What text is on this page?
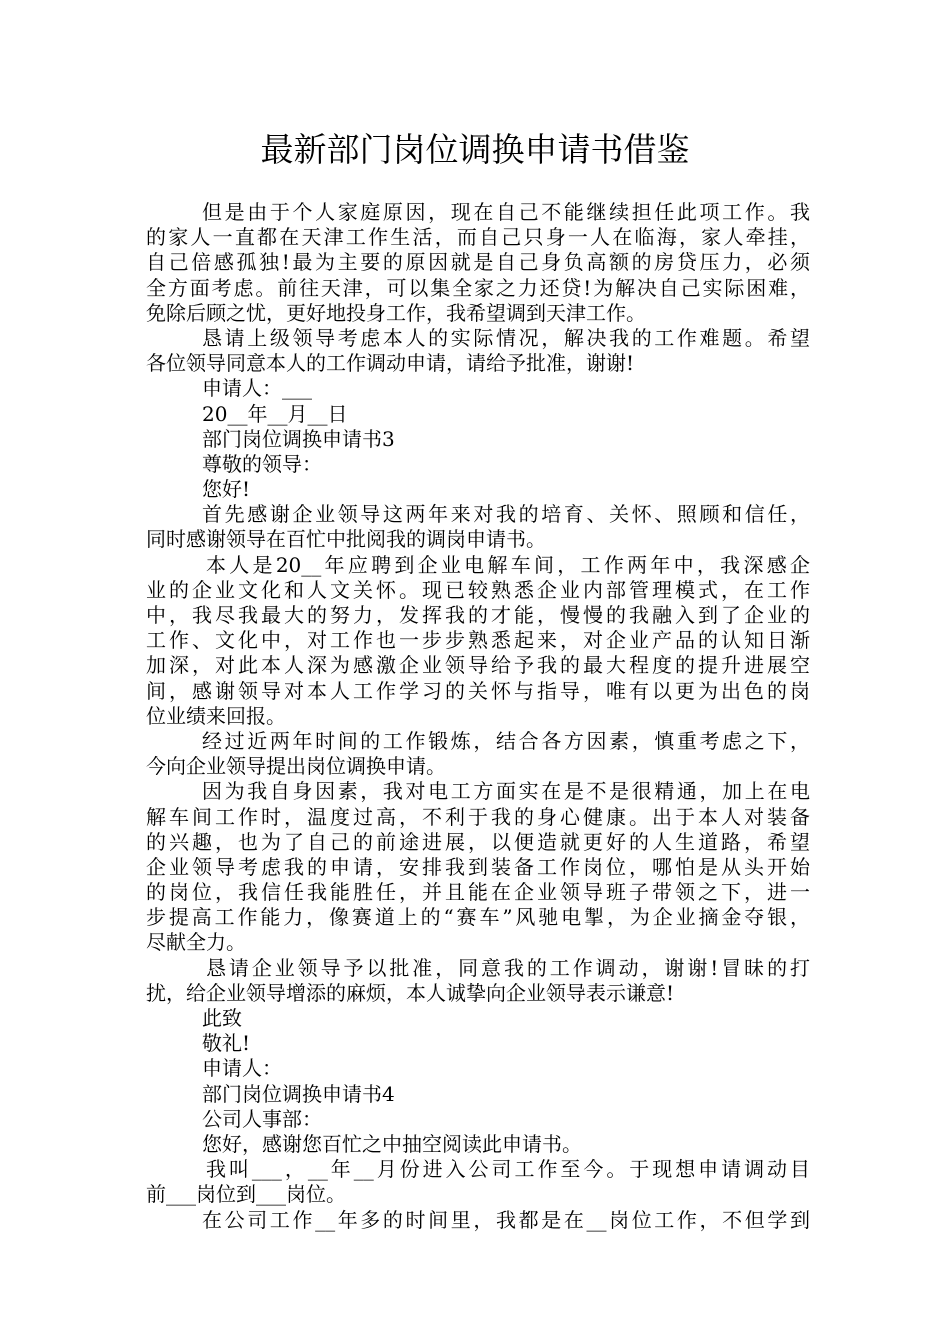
最新部门岗位调换申请书借鉴
但是由于个人家庭原因，现在自己不能继续担任此项工作。我
的家人一直都在天津工作生活，而自己只身一人在临海，家人牵挂，
自己倍感孤独!最为主要的原因就是自己身负高额的房贷压力，必须
全方面考虑。前往天津，可以集全家之力还贷!为解决自己实际困难，
免除后顾之忧，更好地投身工作，我希望调到天津工作。
恳请上级领导考虑本人的实际情况，解决我的工作难题。希望
各位领导同意本人的工作调动申请，请给予批准，谢谢!
申请人：___
20__年__月__日
部门岗位调换申请书3
尊敬的领导：
您好!
首先感谢企业领导这两年来对我的培育、关怀、照顾和信任，
同时感谢领导在百忙中批阅我的调岗申请书。
本人是20__年应聘到企业电解车间，工作两年中，我深感企
业的企业文化和人文关怀。现已较熟悉企业内部管理模式，在工作
中，我尽我最大的努力，发挥我的才能，慢慢的我融入到了企业的
工作、文化中，对工作也一步步熟悉起来，对企业产品的认知日渐
加深，对此本人深为感激企业领导给予我的最大程度的提升进展空
间，感谢领导对本人工作学习的关怀与指导，唯有以更为出色的岗
位业绩来回报。
经过近两年时间的工作锻炼，结合各方因素，慎重考虑之下，
今向企业领导提出岗位调换申请。
因为我自身因素，我对电工方面实在是不是很精通，加上在电
解车间工作时，温度过高，不利于我的身心健康。出于本人对装备
的兴趣，也为了自己的前途进展，以便造就更好的人生道路，希望
企业领导考虑我的申请，安排我到装备工作岗位，哪怕是从头开始
的岗位，我信任我能胜任，并且能在企业领导班子带领之下，进一
步提高工作能力，像赛道上的“赛车”风驰电掣，为企业摘金夺银，
尽献全力。
恳请企业领导予以批准，同意我的工作调动，谢谢!冒昧的打
扰，给企业领导增添的麻烦，本人诚挚向企业领导表示谦意!
此致
敬礼!
申请人：
部门岗位调换申请书4
公司人事部：
您好，感谢您百忙之中抽空阅读此申请书。
我叫___，__年__月份进入公司工作至今。于现想申请调动目
前___岗位到___岗位。
在公司工作__年多的时间里，我都是在__岗位工作，不但学到
